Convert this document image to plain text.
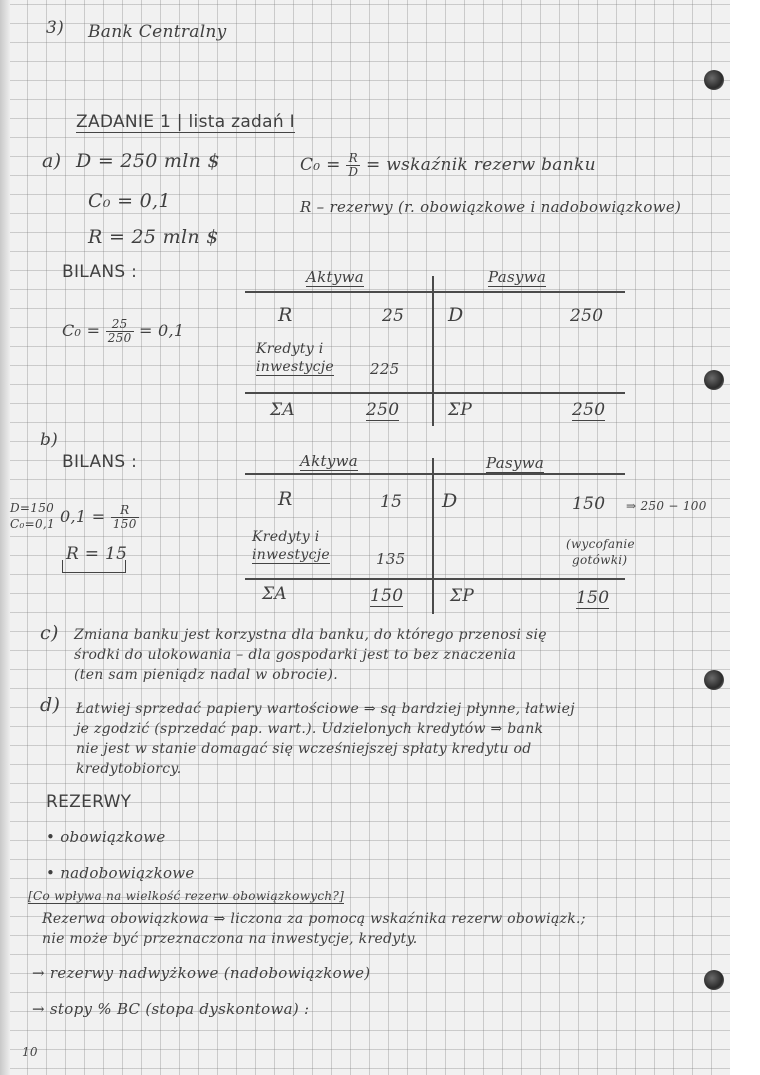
3) Bank Centralny
ZADANIE 1 | lista zadań I
a) D = 250 mln $
C₀ = 0,1
R = 25 mln $
$C_0 = \frac{R}{D}$ = wskaźnik rezerw banku
R – rezerwy (r. obowiązkowe i nadobowiązkowe)
BILANS :
$C_0 = \frac{25}{250} = 0,1$
Aktywa	Pasywa
R	25 D	250
Kredyty i
inwestycje 225
ΣA	250	ΣP	250
b)
BILANS :
D=150
C₀=0,1 $0,1 = \frac{R}{150}$
R = 15
Aktywa	Pasywa
R	15 D	150 ⇒ 250 − 100
(wycofanie
gotówki)
Kredyty i
inwestycje	135
ΣA	150	ΣP	150
c) Zmiana banku jest korzystna dla banku, do którego przenosi się
środki do ulokowania – dla gospodarki jest to bez znaczenia
(ten sam pieniądz nadal w obrocie).
d) Łatwiej sprzedać papiery wartościowe ⇒ są bardziej płynne, łatwiej
je zgodzić (sprzedać pap. wart.). Udzielonych kredytów ⇒ bank
nie jest w stanie domagać się wcześniejszej spłaty kredytu od
kredytobiorcy.
REZERWY
• obowiązkowe
• nadobowiązkowe
[Co wpływa na wielkość rezerw obowiązkowych?]
Rezerwa obowiązkowa ⇒ liczona za pomocą wskaźnika rezerw obowiązk.;
nie może być przeznaczona na inwestycje, kredyty.
→ rezerwy nadwyżkowe (nadobowiązkowe)
→ stopy % BC (stopa dyskontowa) :
10
